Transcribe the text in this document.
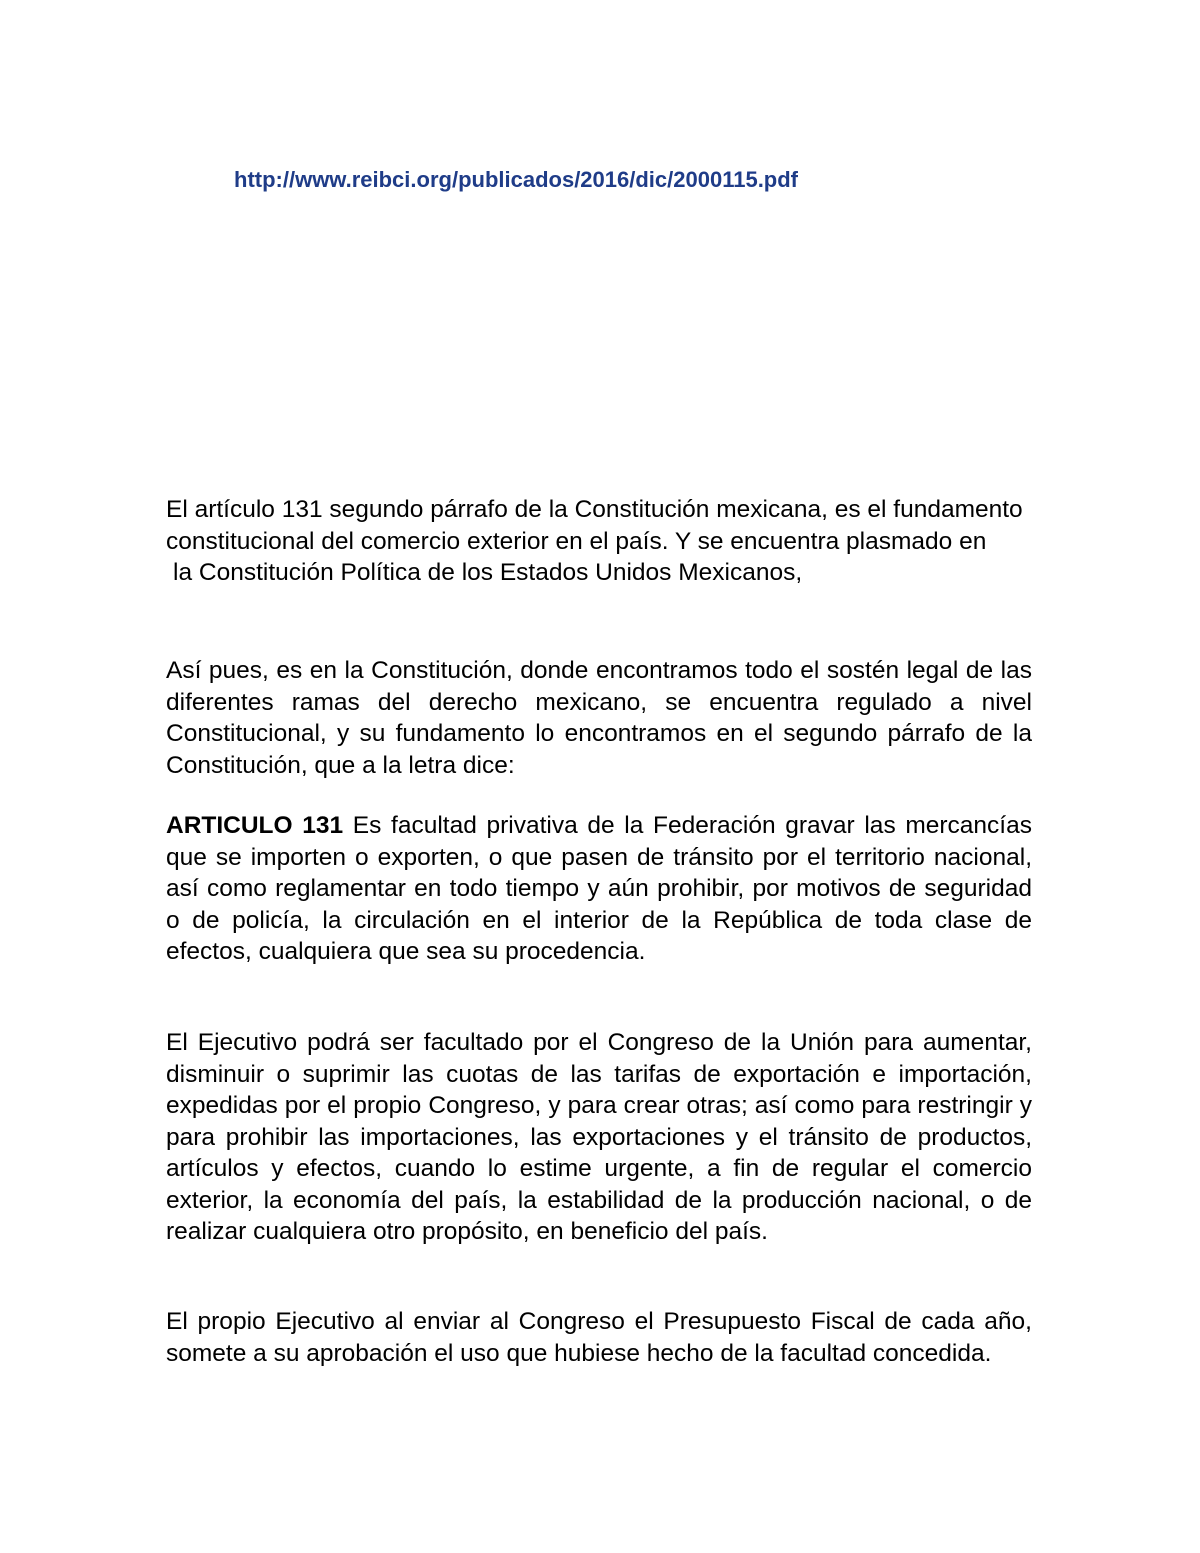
http://www.reibci.org/publicados/2016/dic/2000115.pdf

El artículo 131 segundo párrafo de la Constitución mexicana, es el fundamento constitucional del comercio exterior en el país. Y se encuentra plasmado en
la Constitución Política de los Estados Unidos Mexicanos,

Así pues, es en la Constitución, donde encontramos todo el sostén legal de las diferentes ramas del derecho mexicano, se encuentra regulado a nivel Constitucional, y su fundamento lo encontramos en el segundo párrafo de la Constitución, que a la letra dice:

ARTICULO 131 Es facultad privativa de la Federación gravar las mercancías que se importen o exporten, o que pasen de tránsito por el territorio nacional, así como reglamentar en todo tiempo y aún prohibir, por motivos de seguridad o de policía, la circulación en el interior de la República de toda clase de efectos, cualquiera que sea su procedencia.

El Ejecutivo podrá ser facultado por el Congreso de la Unión para aumentar, disminuir o suprimir las cuotas de las tarifas de exportación e importación, expedidas por el propio Congreso, y para crear otras; así como para restringir y para prohibir las importaciones, las exportaciones y el tránsito de productos, artículos y efectos, cuando lo estime urgente, a fin de regular el comercio exterior, la economía del país, la estabilidad de la producción nacional, o de realizar cualquiera otro propósito, en beneficio del país.

El propio Ejecutivo al enviar al Congreso el Presupuesto Fiscal de cada año, somete a su aprobación el uso que hubiese hecho de la facultad concedida.
